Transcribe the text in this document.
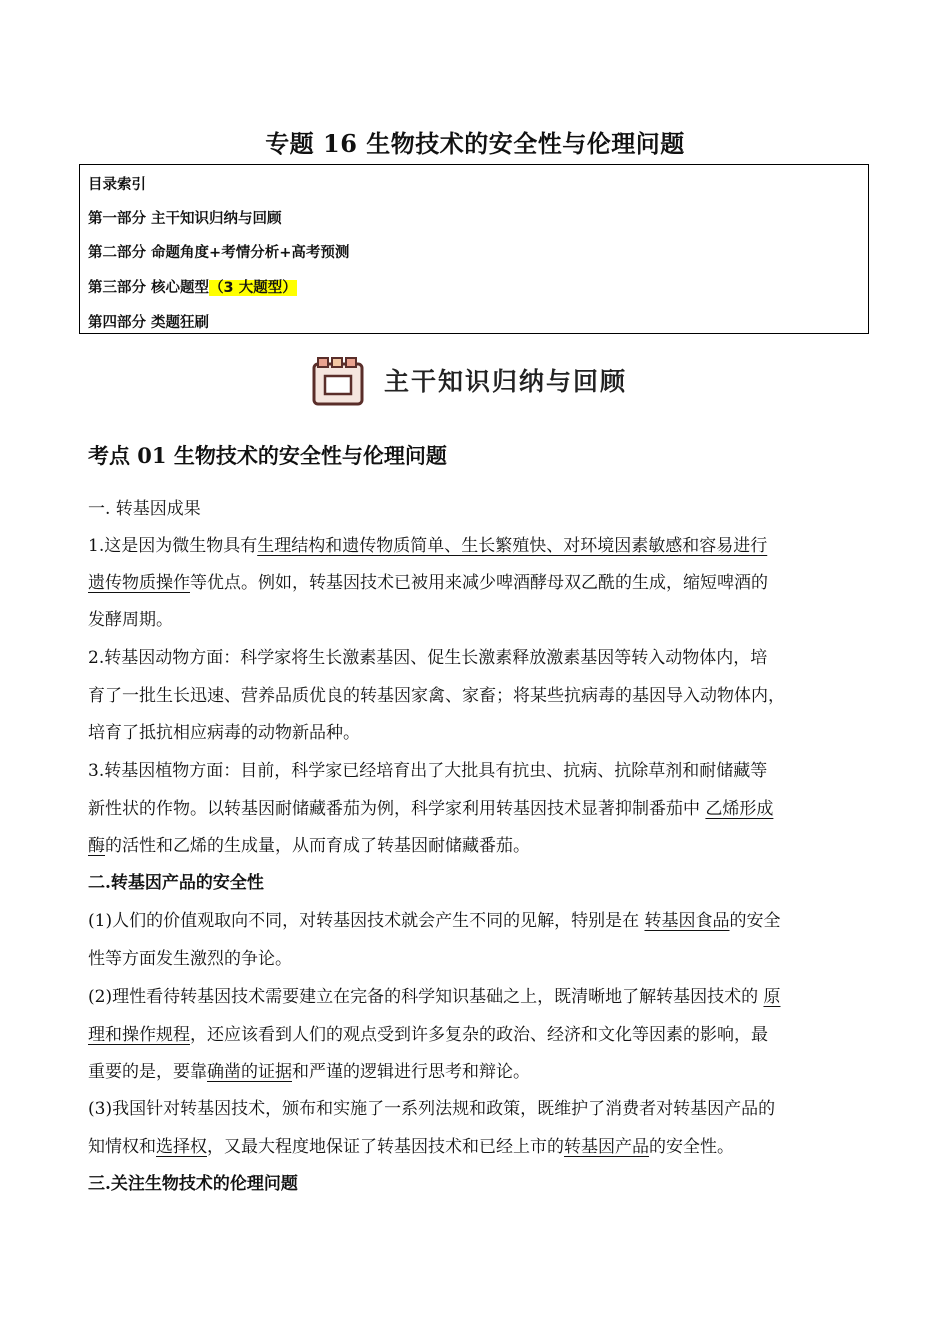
专题 16 生物技术的安全性与伦理问题
目录索引
第一部分 主干知识归纳与回顾
第二部分 命题角度+考情分析+高考预测
第三部分 核心题型（3 大题型）
第四部分 类题狂刷
主干知识归纳与回顾
考点 01 生物技术的安全性与伦理问题
一. 转基因成果
1.这是因为微生物具有生理结构和遗传物质简单、生长繁殖快、对环境因素敏感和容易进行
遗传物质操作等优点。例如，转基因技术已被用来减少啤酒酵母双乙酰的生成，缩短啤酒的
发酵周期。
2.转基因动物方面：科学家将生长激素基因、促生长激素释放激素基因等转入动物体内，培
育了一批生长迅速、营养品质优良的转基因家禽、家畜；将某些抗病毒的基因导入动物体内，
培育了抵抗相应病毒的动物新品种。
3.转基因植物方面：目前，科学家已经培育出了大批具有抗虫、抗病、抗除草剂和耐储藏等
新性状的作物。以转基因耐储藏番茄为例，科学家利用转基因技术显著抑制番茄中 乙烯形成
酶的活性和乙烯的生成量，从而育成了转基因耐储藏番茄。
二.转基因产品的安全性
(1)人们的价值观取向不同，对转基因技术就会产生不同的见解，特别是在 转基因食品的安全
性等方面发生激烈的争论。
(2)理性看待转基因技术需要建立在完备的科学知识基础之上，既清晰地了解转基因技术的 原
理和操作规程，还应该看到人们的观点受到许多复杂的政治、经济和文化等因素的影响，最
重要的是，要靠确凿的证据和严谨的逻辑进行思考和辩论。
(3)我国针对转基因技术，颁布和实施了一系列法规和政策，既维护了消费者对转基因产品的
知情权和选择权，又最大程度地保证了转基因技术和已经上市的转基因产品的安全性。
三.关注生物技术的伦理问题
